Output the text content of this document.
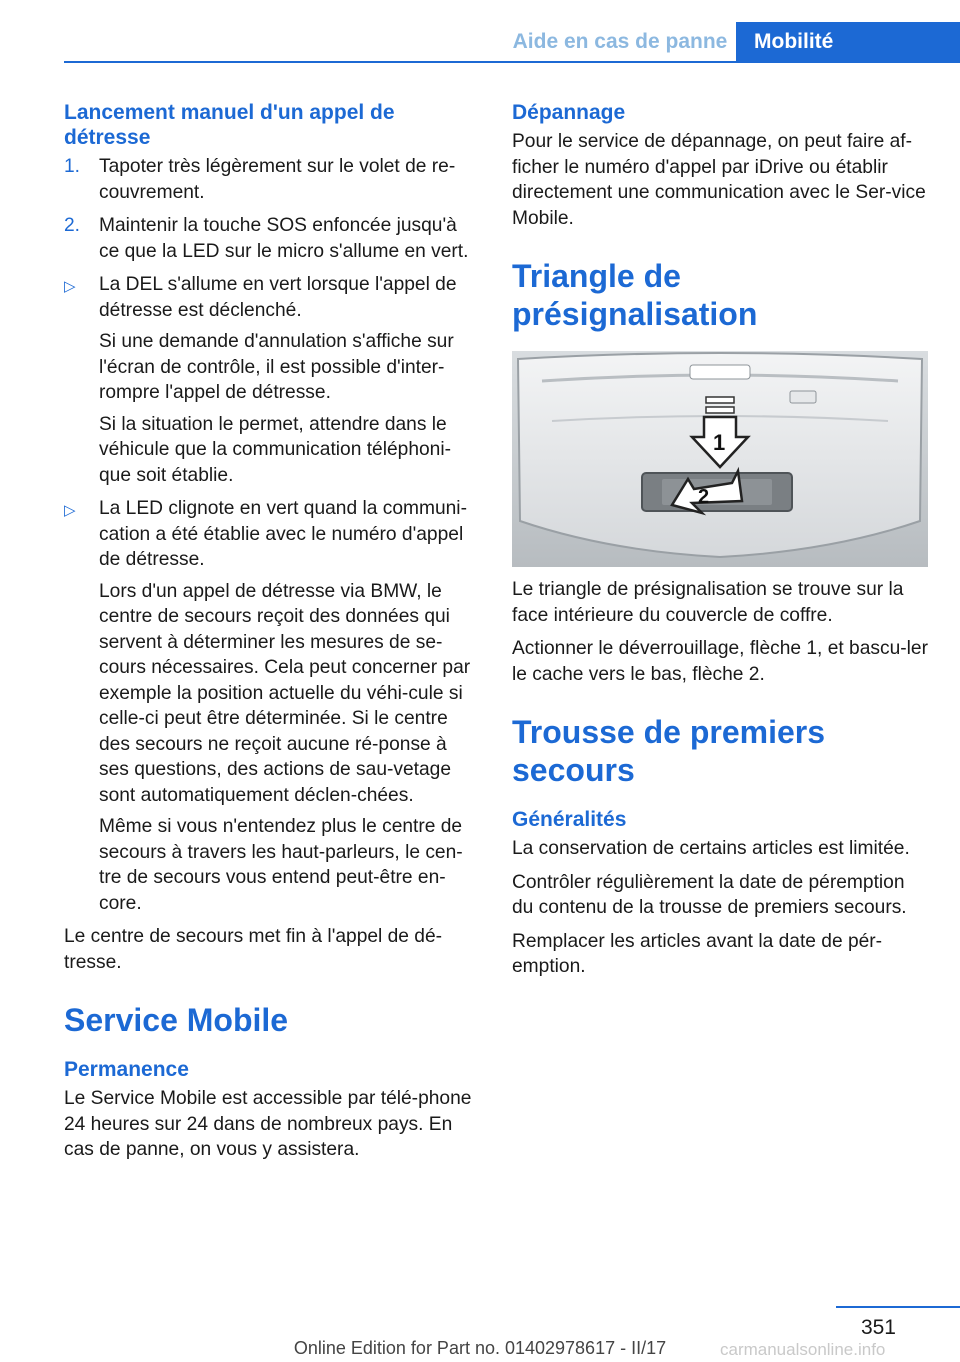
Aide en cas de panne	Mobilité
Lancement manuel d'un appel de détresse
1. Tapoter très légèrement sur le volet de re‐couvrement.
2. Maintenir la touche SOS enfoncée jusqu'à ce que la LED sur le micro s'allume en vert.
▷ La DEL s'allume en vert lorsque l'appel de détresse est déclenché.

Si une demande d'annulation s'affiche sur l'écran de contrôle, il est possible d'inter‐rompre l'appel de détresse.

Si la situation le permet, attendre dans le véhicule que la communication téléphoni‐que soit établie.

▷ La LED clignote en vert quand la communi‐cation a été établie avec le numéro d'appel de détresse.

Lors d'un appel de détresse via BMW, le centre de secours reçoit des données qui servent à déterminer les mesures de se‐cours nécessaires. Cela peut concerner par exemple la position actuelle du véhi‐cule si celle-ci peut être déterminée. Si le centre des secours ne reçoit aucune ré‐ponse à ses questions, des actions de sau‐vetage sont automatiquement déclen‐chées.

Même si vous n'entendez plus le centre de secours à travers les haut-parleurs, le cen‐tre de secours vous entend peut-être en‐core.

Le centre de secours met fin à l'appel de dé‐tresse.

Service Mobile
Permanence

Le Service Mobile est accessible par télé‐phone 24 heures sur 24 dans de nombreux pays. En cas de panne, on vous y assistera.

Dépannage

Pour le service de dépannage, on peut faire af‐ficher le numéro d'appel par iDrive ou établir directement une communication avec le Ser‐vice Mobile.

Triangle de présignalisation
1
2

Le triangle de présignalisation se trouve sur la face intérieure du couvercle de coffre.

Actionner le déverrouillage, flèche 1, et bascu‐ler le cache vers le bas, flèche 2.

Trousse de premiers secours
Généralités

La conservation de certains articles est limitée.

Contrôler régulièrement la date de péremption du contenu de la trousse de premiers secours.

Remplacer les articles avant la date de pér‐emption.

351
Online Edition for Part no. 01402978617 - II/17	carmanualsonline.info
